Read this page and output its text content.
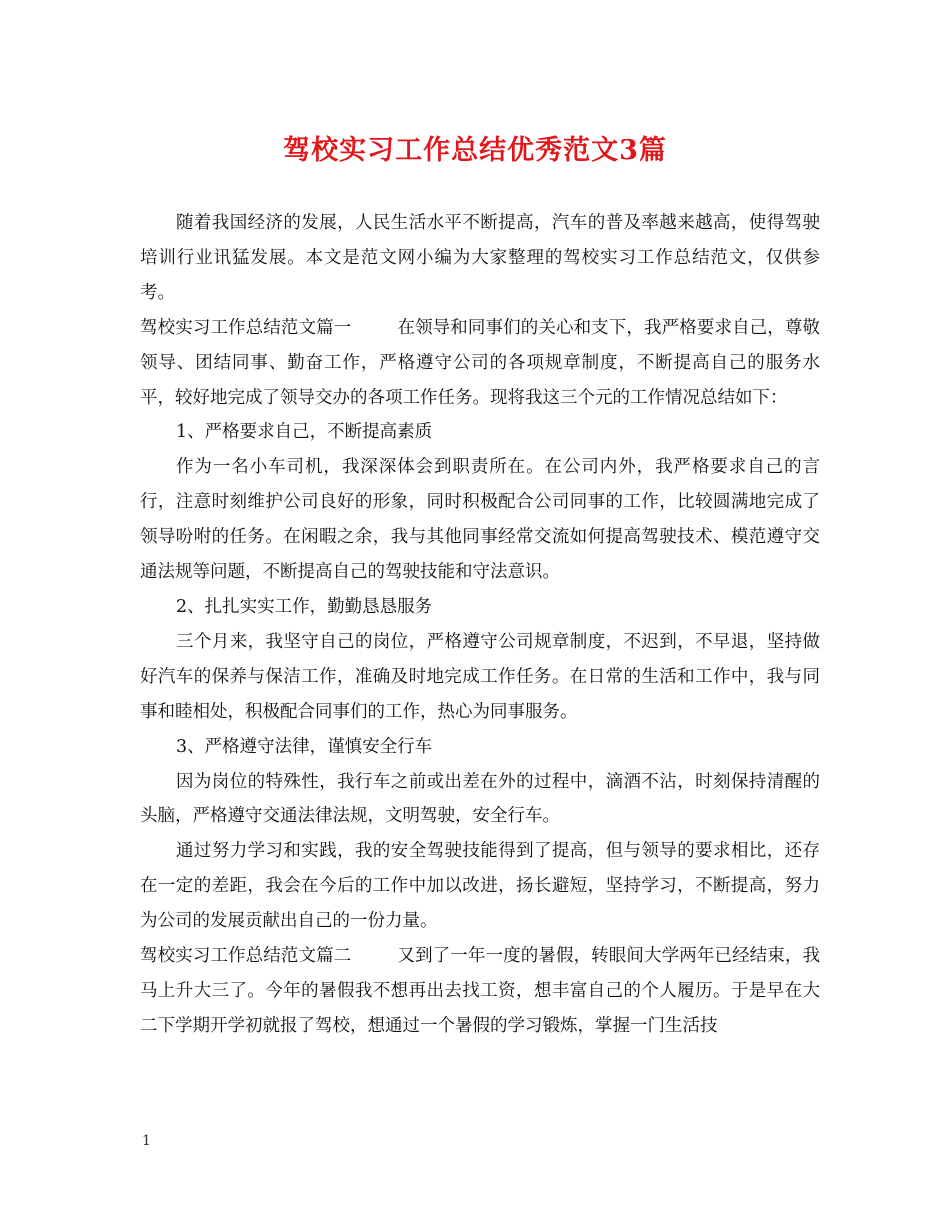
驾校实习工作总结优秀范文3篇

随着我国经济的发展，人民生活水平不断提高，汽车的普及率越来越高，使得驾驶培训行业讯猛发展。本文是范文网小编为大家整理的驾校实习工作总结范文，仅供参考。

驾校实习工作总结范文篇一	在领导和同事们的关心和支下，我严格要求自己，尊敬领导、团结同事、勤奋工作，严格遵守公司的各项规章制度，不断提高自己的服务水平，较好地完成了领导交办的各项工作任务。现将我这三个元的工作情况总结如下：

1、严格要求自己，不断提高素质

作为一名小车司机，我深深体会到职责所在。在公司内外，我严格要求自己的言行，注意时刻维护公司良好的形象，同时积极配合公司同事的工作，比较圆满地完成了领导吩咐的任务。在闲暇之余，我与其他同事经常交流如何提高驾驶技术、模范遵守交通法规等问题，不断提高自己的驾驶技能和守法意识。

2、扎扎实实工作，勤勤恳恳服务

三个月来，我坚守自己的岗位，严格遵守公司规章制度，不迟到，不早退，坚持做好汽车的保养与保洁工作，准确及时地完成工作任务。在日常的生活和工作中，我与同事和睦相处，积极配合同事们的工作，热心为同事服务。

3、严格遵守法律，谨慎安全行车

因为岗位的特殊性，我行车之前或出差在外的过程中，滴酒不沾，时刻保持清醒的头脑，严格遵守交通法律法规，文明驾驶，安全行车。

通过努力学习和实践，我的安全驾驶技能得到了提高，但与领导的要求相比，还存在一定的差距，我会在今后的工作中加以改进，扬长避短，坚持学习，不断提高，努力为公司的发展贡献出自己的一份力量。

驾校实习工作总结范文篇二	又到了一年一度的暑假，转眼间大学两年已经结束，我马上升大三了。今年的暑假我不想再出去找工资，想丰富自己的个人履历。于是早在大二下学期开学初就报了驾校，想通过一个暑假的学习锻炼，掌握一门生活技

1
